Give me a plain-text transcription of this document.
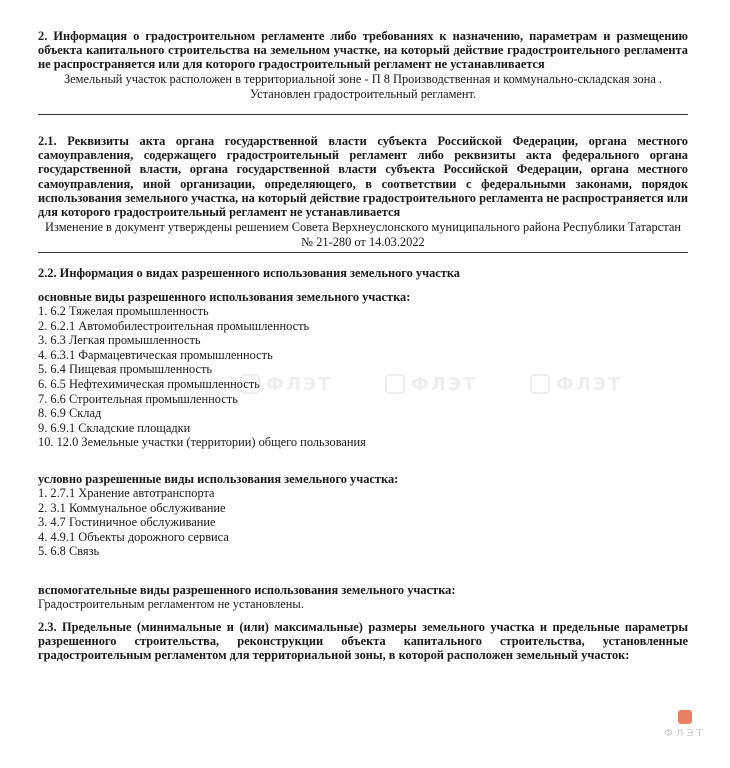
2. Информация о градостроительном регламенте либо требованиях к назначению, параметрам и размещению объекта капитального строительства на земельном участке, на который действие градостроительного регламента не распространяется или для которого градостроительный регламент не устанавливается
Земельный участок расположен в территориальной зоне - П 8 Производственная и коммунально-складская зона .
Установлен градостроительный регламент.
2.1. Реквизиты акта органа государственной власти субъекта Российской Федерации, органа местного самоуправления, содержащего градостроительный регламент либо реквизиты акта федерального органа государственной власти, органа государственной власти субъекта Российской Федерации, органа местного самоуправления, иной организации, определяющего, в соответствии с федеральными законами, порядок использования земельного участка, на который действие градостроительного регламента не распространяется или для которого градостроительный регламент не устанавливается
Изменение в документ утверждены решением Совета Верхнеуслонского муниципального района Республики Татарстан
№ 21-280 от 14.03.2022
2.2. Информация о видах разрешенного использования земельного участка
основные виды разрешенного использования земельного участка:
1. 6.2 Тяжелая промышленность
2. 6.2.1 Автомобилестроительная промышленность
3. 6.3 Легкая промышленность
4. 6.3.1 Фармацевтическая промышленность
5. 6.4 Пищевая промышленность
6. 6.5 Нефтехимическая промышленность
7. 6.6 Строительная промышленность
8. 6.9 Склад
9. 6.9.1 Складские площадки
10. 12.0 Земельные участки (территории) общего пользования
условно разрешенные виды использования земельного участка:
1. 2.7.1 Хранение автотранспорта
2. 3.1 Коммунальное обслуживание
3. 4.7 Гостиничное обслуживание
4. 4.9.1 Объекты дорожного сервиса
5. 6.8 Связь
вспомогательные виды разрешенного использования земельного участка:
Градостроительным регламентом не установлены.
2.3. Предельные (минимальные и (или) максимальные) размеры земельного участка и предельные параметры разрешенного строительства, реконструкции объекта капитального строительства, установленные градостроительным регламентом для территориальной зоны, в которой расположен земельный участок:
ФЛЭТ	ФЛЭТ	ФЛЭТ
ФЛЭТ
